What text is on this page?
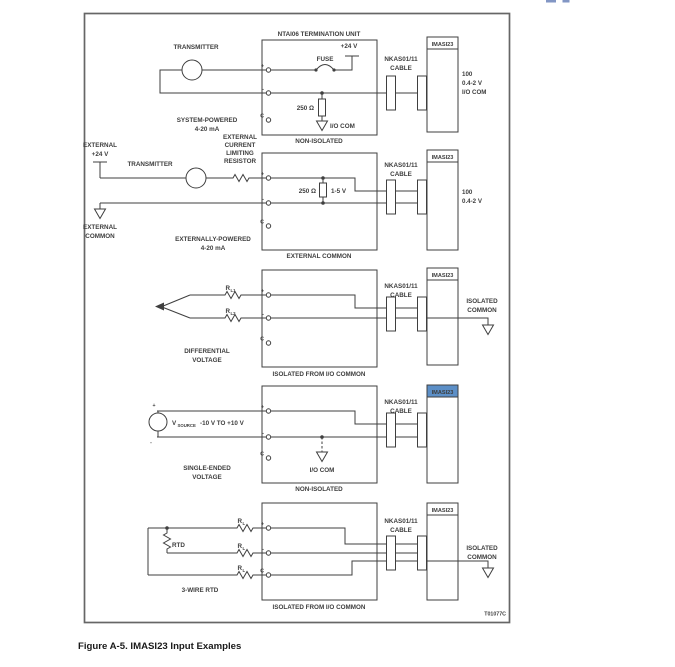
NTAI06 TERMINATION UNIT
TRANSMITTER	+24 V
FUSE
250 Ω
I/O COM
+
-
C
SYSTEM-POWERED
4-20 mA
NON-ISOLATED
NKAS01/11
CABLE
IMASI23
100
0.4-2 V
I/O COM
EXTERNAL
+24 V
TRANSMITTER
EXTERNAL
CURRENT
LIMITING
RESISTOR
250 Ω 1-5 V
EXTERNAL
COMMON
+
-
C
EXTERNALLY-POWERED
4-20 mA
EXTERNAL COMMON
NKAS01/11
CABLE
IMASI23
100
0.4-2 V
R L1
R L2
+
-
C
DIFFERENTIAL
VOLTAGE
ISOLATED FROM I/O COMMON
NKAS01/11
CABLE
IMASI23
ISOLATED
COMMON
+
-
V SOURCE -10 V TO +10 V
I/O COM
+
-
C
SINGLE-ENDED
VOLTAGE
NON-ISOLATED
NKAS01/11
CABLE
IMASI23
RTD
R L
R L
R L
+
-
C
3-WIRE RTD
ISOLATED FROM I/O COMMON
NKAS01/11
CABLE
IMASI23
ISOLATED
COMMON
T01077C
Figure A-5. IMASI23 Input Examples
